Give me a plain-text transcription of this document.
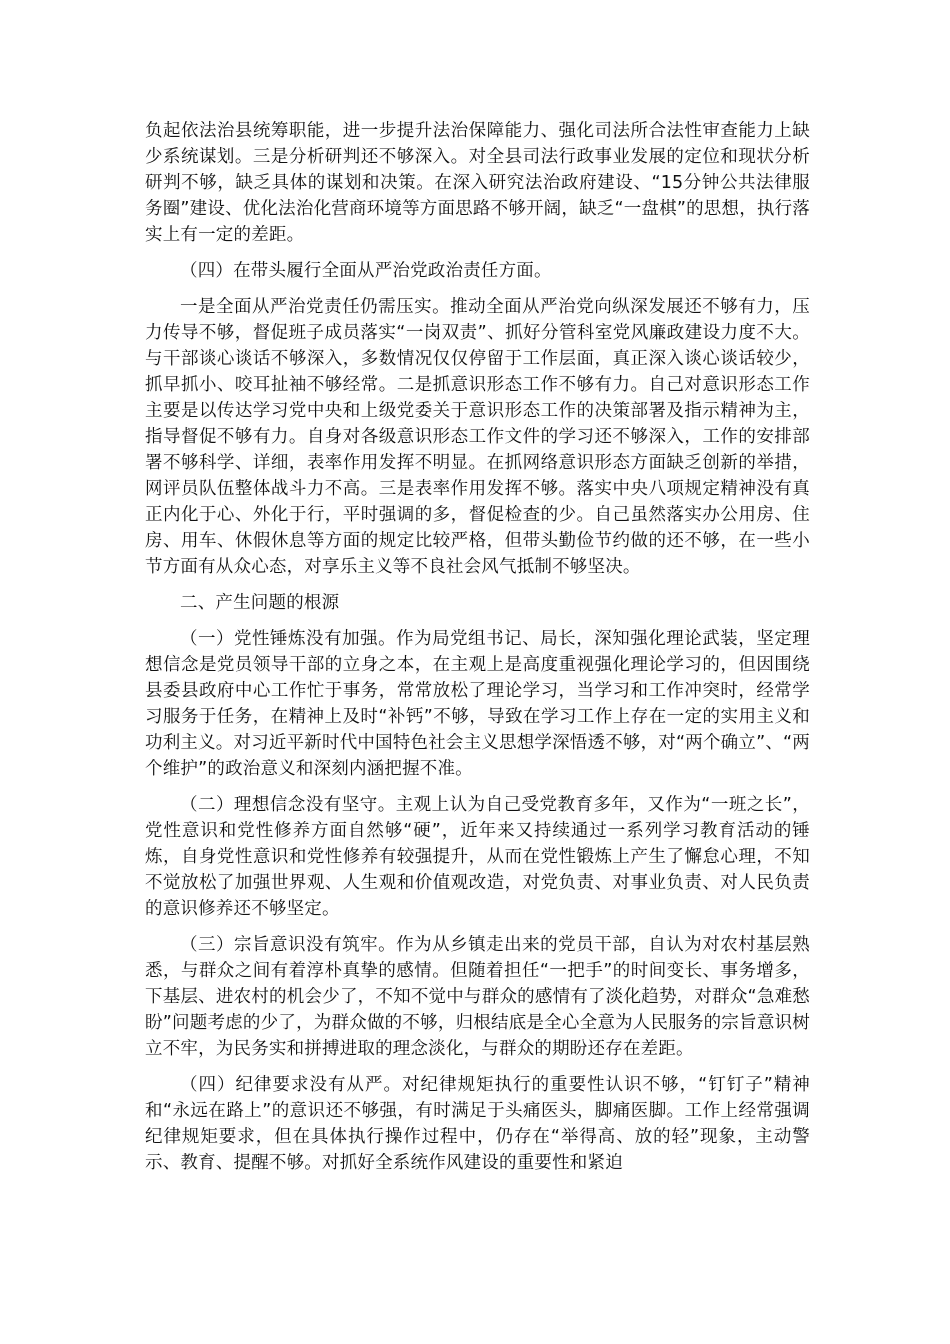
负起依法治县统筹职能，进一步提升法治保障能力、强化司法所合法性审查能力上缺少系统谋划。三是分析研判还不够深入。对全县司法行政事业发展的定位和现状分析研判不够，缺乏具体的谋划和决策。在深入研究法治政府建设、“15分钟公共法律服务圈”建设、优化法治化营商环境等方面思路不够开阔，缺乏“一盘棋”的思想，执行落实上有一定的差距。

（四）在带头履行全面从严治党政治责任方面。

一是全面从严治党责任仍需压实。推动全面从严治党向纵深发展还不够有力，压力传导不够，督促班子成员落实“一岗双责”、抓好分管科室党风廉政建设力度不大。与干部谈心谈话不够深入，多数情况仅仅停留于工作层面，真正深入谈心谈话较少，抓早抓小、咬耳扯袖不够经常。二是抓意识形态工作不够有力。自己对意识形态工作主要是以传达学习党中央和上级党委关于意识形态工作的决策部署及指示精神为主，指导督促不够有力。自身对各级意识形态工作文件的学习还不够深入，工作的安排部署不够科学、详细，表率作用发挥不明显。在抓网络意识形态方面缺乏创新的举措，网评员队伍整体战斗力不高。三是表率作用发挥不够。落实中央八项规定精神没有真正内化于心、外化于行，平时强调的多，督促检查的少。自己虽然落实办公用房、住房、用车、休假休息等方面的规定比较严格，但带头勤俭节约做的还不够，在一些小节方面有从众心态，对享乐主义等不良社会风气抵制不够坚决。

二、产生问题的根源

（一）党性锤炼没有加强。作为局党组书记、局长，深知强化理论武装，坚定理想信念是党员领导干部的立身之本，在主观上是高度重视强化理论学习的，但因围绕县委县政府中心工作忙于事务，常常放松了理论学习，当学习和工作冲突时，经常学习服务于任务，在精神上及时“补钙”不够，导致在学习工作上存在一定的实用主义和功利主义。对习近平新时代中国特色社会主义思想学深悟透不够，对“两个确立”、“两个维护”的政治意义和深刻内涵把握不准。

（二）理想信念没有坚守。主观上认为自己受党教育多年，又作为“一班之长”，党性意识和党性修养方面自然够“硬”，近年来又持续通过一系列学习教育活动的锤炼，自身党性意识和党性修养有较强提升，从而在党性锻炼上产生了懈怠心理，不知不觉放松了加强世界观、人生观和价值观改造，对党负责、对事业负责、对人民负责的意识修养还不够坚定。

（三）宗旨意识没有筑牢。作为从乡镇走出来的党员干部，自认为对农村基层熟悉，与群众之间有着淳朴真挚的感情。但随着担任“一把手”的时间变长、事务增多，下基层、进农村的机会少了，不知不觉中与群众的感情有了淡化趋势，对群众“急难愁盼”问题考虑的少了，为群众做的不够，归根结底是全心全意为人民服务的宗旨意识树立不牢，为民务实和拼搏进取的理念淡化，与群众的期盼还存在差距。

（四）纪律要求没有从严。对纪律规矩执行的重要性认识不够，“钉钉子”精神和“永远在路上”的意识还不够强，有时满足于头痛医头，脚痛医脚。工作上经常强调纪律规矩要求，但在具体执行操作过程中，仍存在“举得高、放的轻”现象，主动警示、教育、提醒不够。对抓好全系统作风建设的重要性和紧迫
